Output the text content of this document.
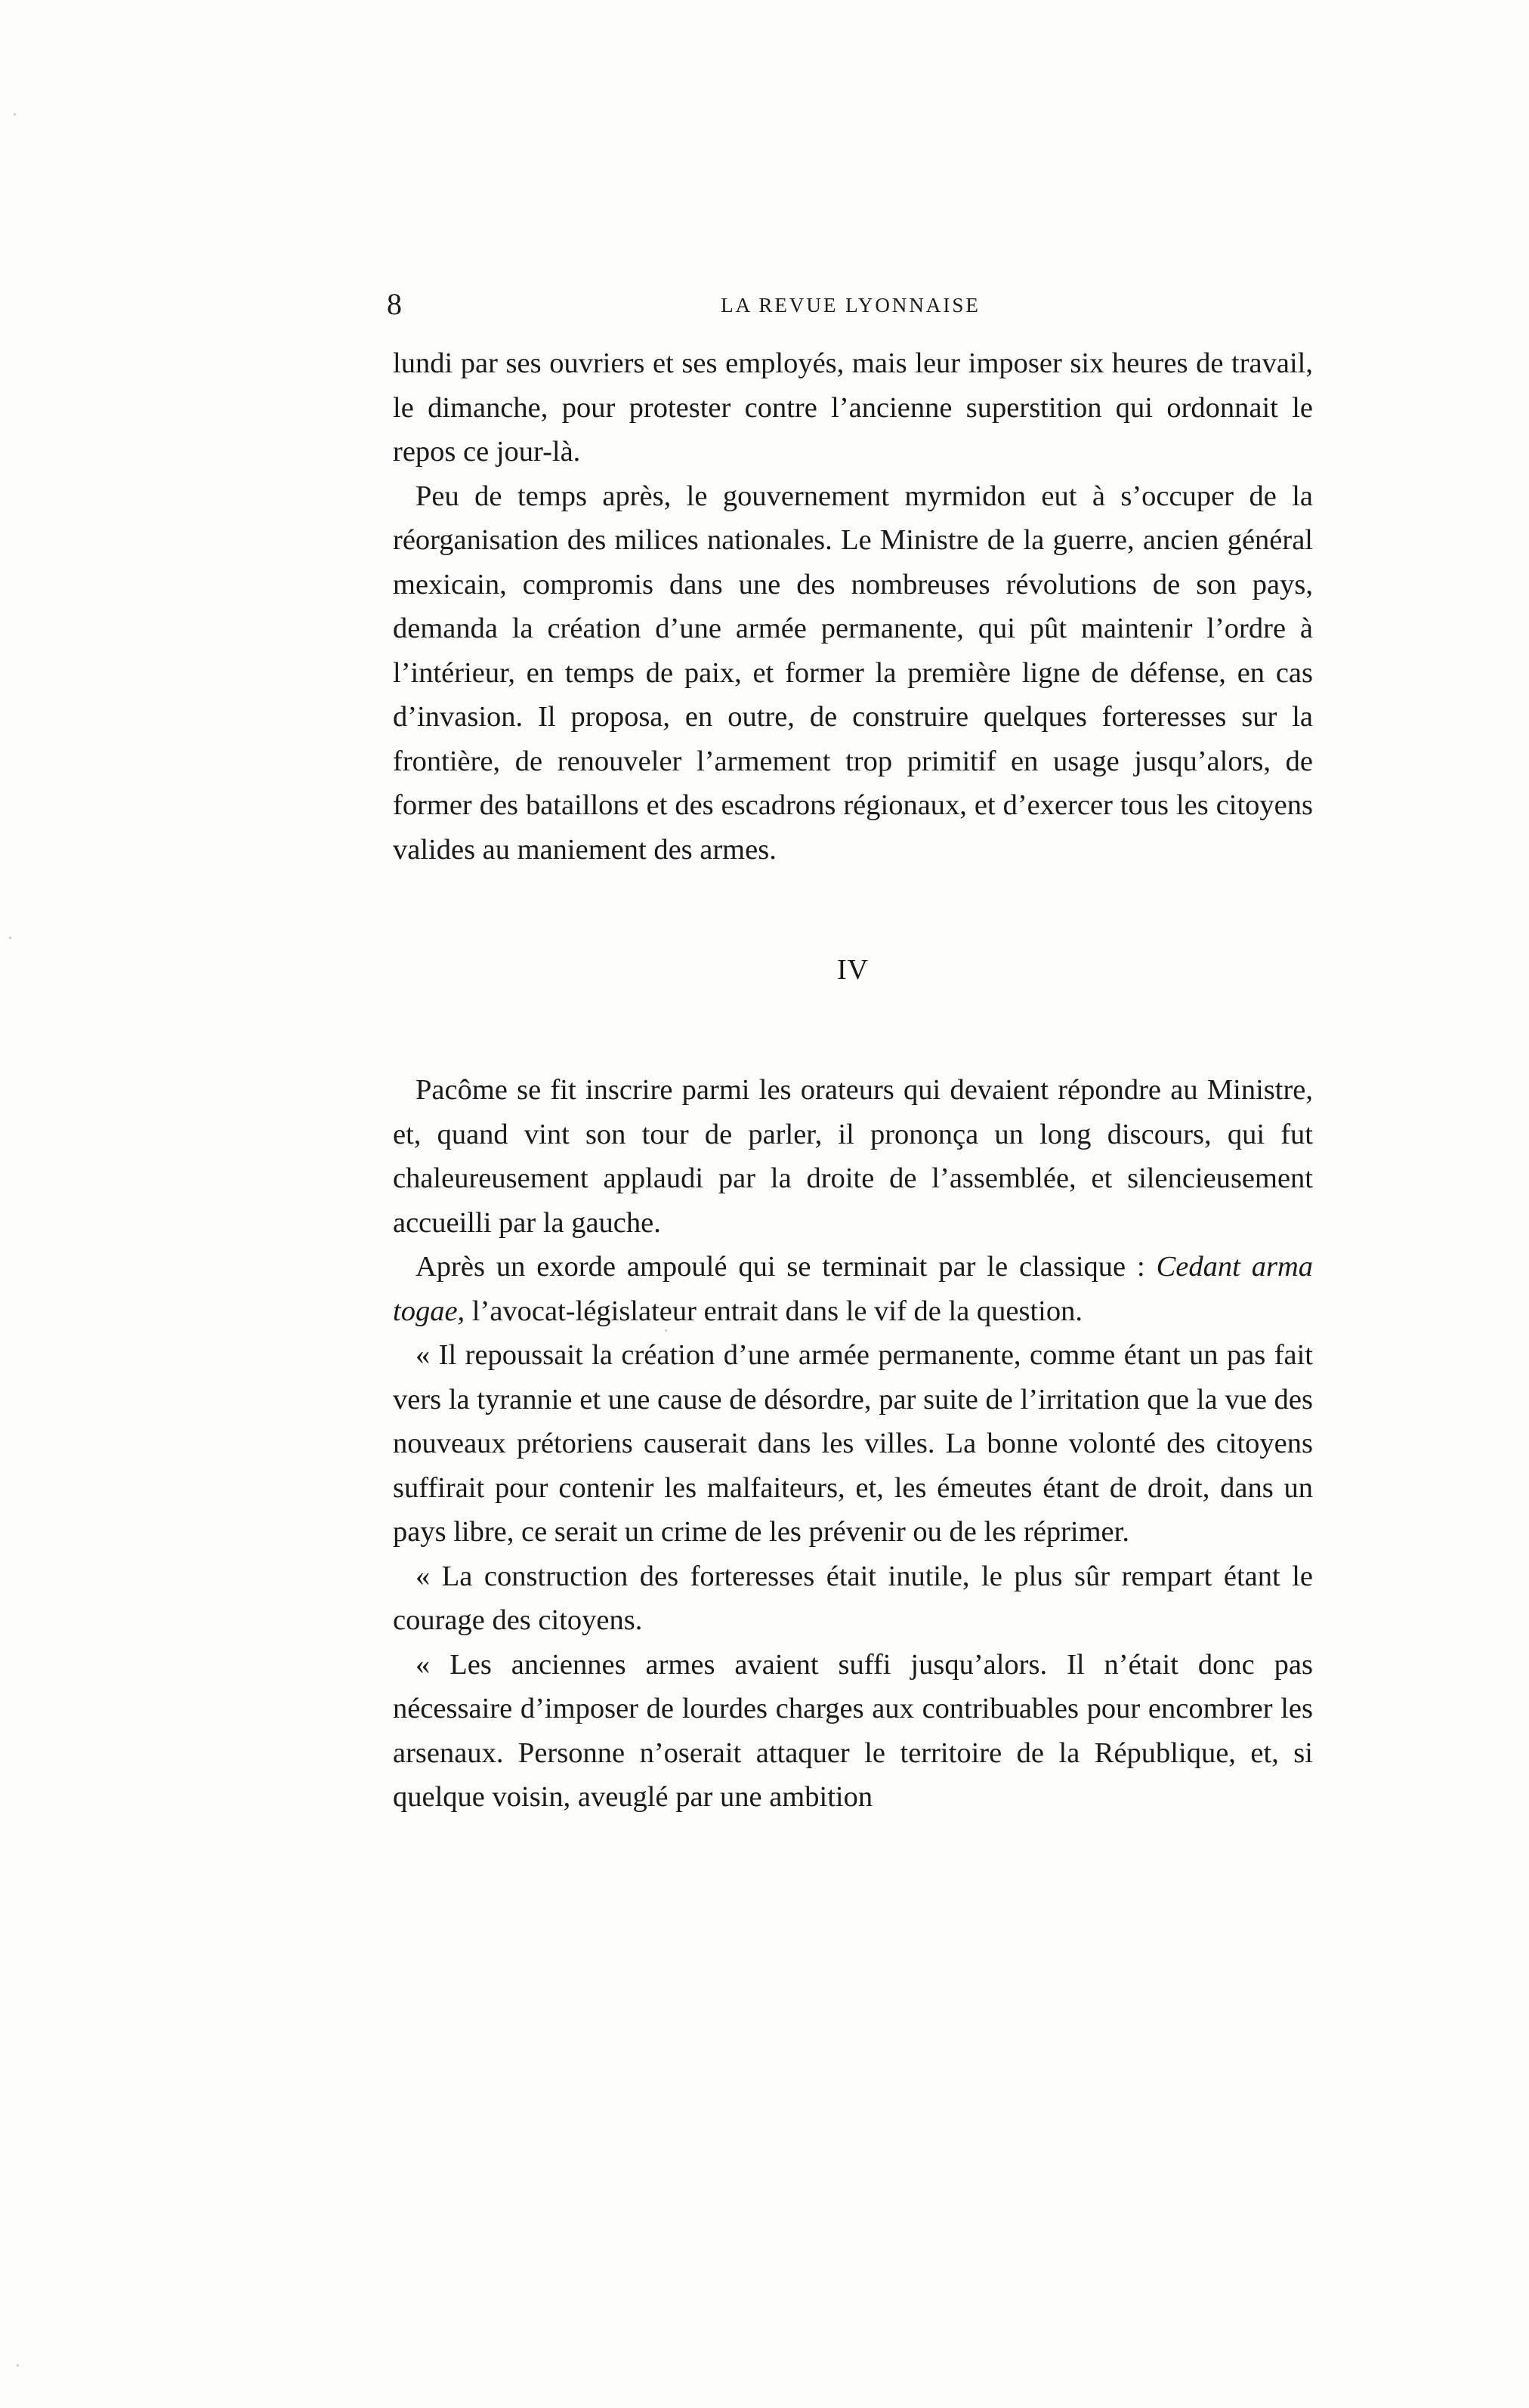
8	LA REVUE LYONNAISE

lundi par ses ouvriers et ses employés, mais leur imposer six heures de travail, le dimanche, pour protester contre l’ancienne superstition qui ordonnait le repos ce jour-là.

Peu de temps après, le gouvernement myrmidon eut à s’occuper de la réorganisation des milices nationales. Le Ministre de la guerre, ancien général mexicain, compromis dans une des nombreuses révolutions de son pays, demanda la création d’une armée permanente, qui pût maintenir l’ordre à l’intérieur, en temps de paix, et former la première ligne de défense, en cas d’invasion. Il proposa, en outre, de construire quelques forteresses sur la frontière, de renouveler l’armement trop primitif en usage jusqu’alors, de former des bataillons et des escadrons régionaux, et d’exercer tous les citoyens valides au maniement des armes.

IV

Pacôme se fit inscrire parmi les orateurs qui devaient répondre au Ministre, et, quand vint son tour de parler, il prononça un long discours, qui fut chaleureusement applaudi par la droite de l’assemblée, et silencieusement accueilli par la gauche.

Après un exorde ampoulé qui se terminait par le classique : Cedant arma togae, l’avocat-législateur entrait dans le vif de la question.

« Il repoussait la création d’une armée permanente, comme étant un pas fait vers la tyrannie et une cause de désordre, par suite de l’irritation que la vue des nouveaux prétoriens causerait dans les villes. La bonne volonté des citoyens suffirait pour contenir les malfaiteurs, et, les émeutes étant de droit, dans un pays libre, ce serait un crime de les prévenir ou de les réprimer.

« La construction des forteresses était inutile, le plus sûr rempart étant le courage des citoyens.

« Les anciennes armes avaient suffi jusqu’alors. Il n’était donc pas nécessaire d’imposer de lourdes charges aux contribuables pour encombrer les arsenaux. Personne n’oserait attaquer le territoire de la République, et, si quelque voisin, aveuglé par une ambition
